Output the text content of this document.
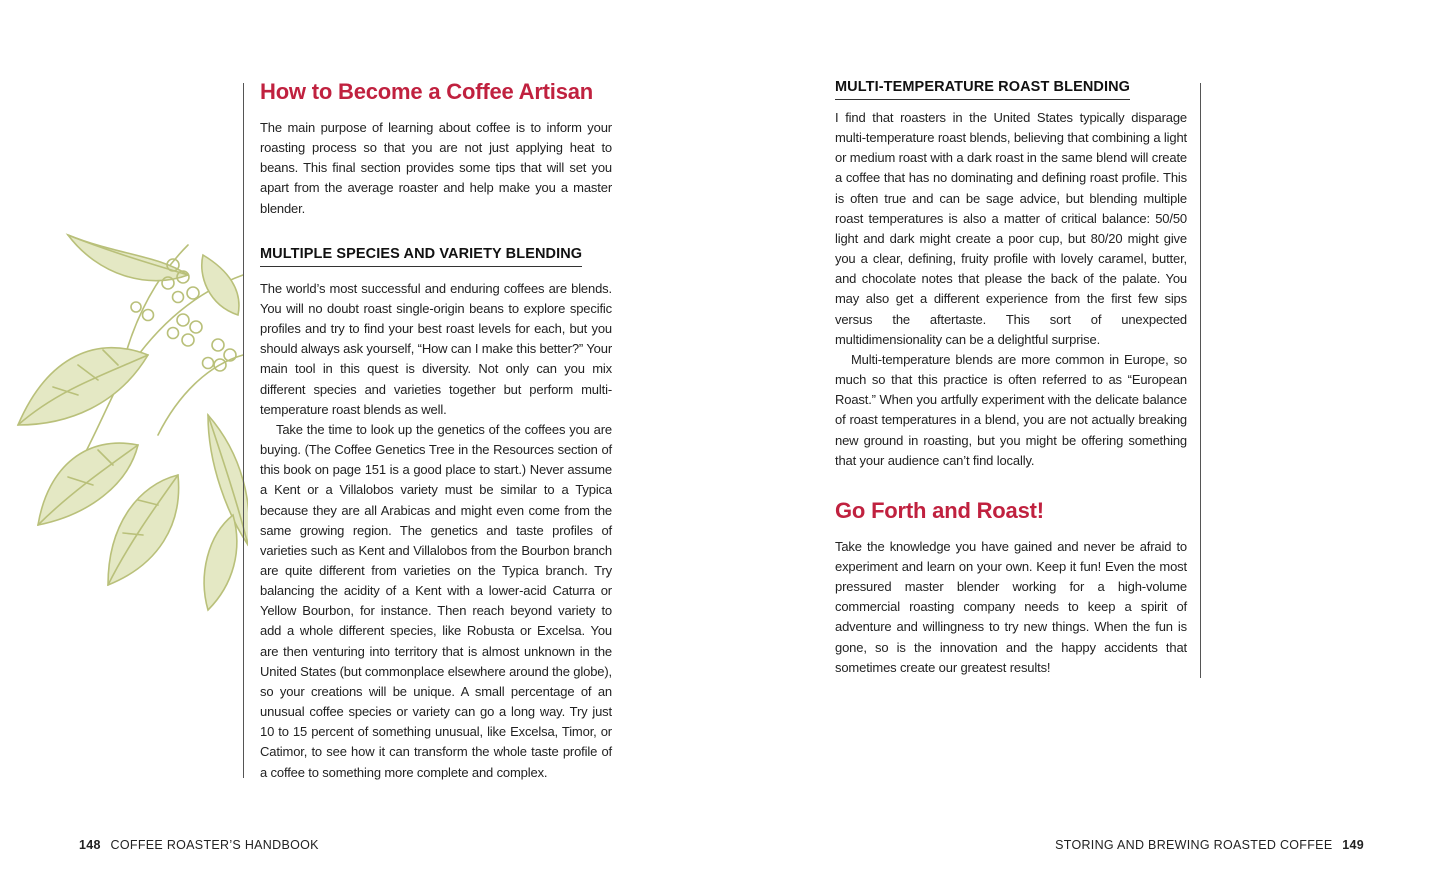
How to Become a Coffee Artisan

The main purpose of learning about coffee is to inform your roasting process so that you are not just applying heat to beans. This final section provides some tips that will set you apart from the average roaster and help make you a master blender.

MULTIPLE SPECIES AND VARIETY BLENDING

The world’s most successful and enduring coffees are blends. You will no doubt roast single-origin beans to explore specific profiles and try to find your best roast levels for each, but you should always ask yourself, “How can I make this better?” Your main tool in this quest is diversity. Not only can you mix different species and varieties together but perform multi-temperature roast blends as well.

Take the time to look up the genetics of the coffees you are buying. (The Coffee Genetics Tree in the Resources section of this book on page 151 is a good place to start.) Never assume a Kent or a Villalobos variety must be similar to a Typica because they are all Arabicas and might even come from the same growing region. The genetics and taste profiles of varieties such as Kent and Villalobos from the Bourbon branch are quite different from varieties on the Typica branch. Try balancing the acidity of a Kent with a lower-acid Caturra or Yellow Bourbon, for instance. Then reach beyond variety to add a whole different species, like Robusta or Excelsa. You are then venturing into territory that is almost unknown in the United States (but commonplace elsewhere around the globe), so your creations will be unique. A small percentage of an unusual coffee species or variety can go a long way. Try just 10 to 15 percent of something unusual, like Excelsa, Timor, or Catimor, to see how it can transform the whole taste profile of a coffee to something more complete and complex.

148 COFFEE ROASTER’S HANDBOOK
MULTI-TEMPERATURE ROAST BLENDING

I find that roasters in the United States typically disparage multi-temperature roast blends, believing that combining a light or medium roast with a dark roast in the same blend will create a coffee that has no dominating and defining roast profile. This is often true and can be sage advice, but blending multiple roast temperatures is also a matter of critical balance: 50/50 light and dark might create a poor cup, but 80/20 might give you a clear, defining, fruity profile with lovely caramel, butter, and chocolate notes that please the back of the palate. You may also get a different experience from the first few sips versus the aftertaste. This sort of unexpected multidimensionality can be a delightful surprise.

Multi-temperature blends are more common in Europe, so much so that this practice is often referred to as “European Roast.” When you artfully experiment with the delicate balance of roast temperatures in a blend, you are not actually breaking new ground in roasting, but you might be offering something that your audience can’t find locally.

Go Forth and Roast!

Take the knowledge you have gained and never be afraid to experiment and learn on your own. Keep it fun! Even the most pressured master blender working for a high-volume commercial roasting company needs to keep a spirit of adventure and willingness to try new things. When the fun is gone, so is the innovation and the happy accidents that sometimes create our greatest results!

STORING AND BREWING ROASTED COFFEE 149
